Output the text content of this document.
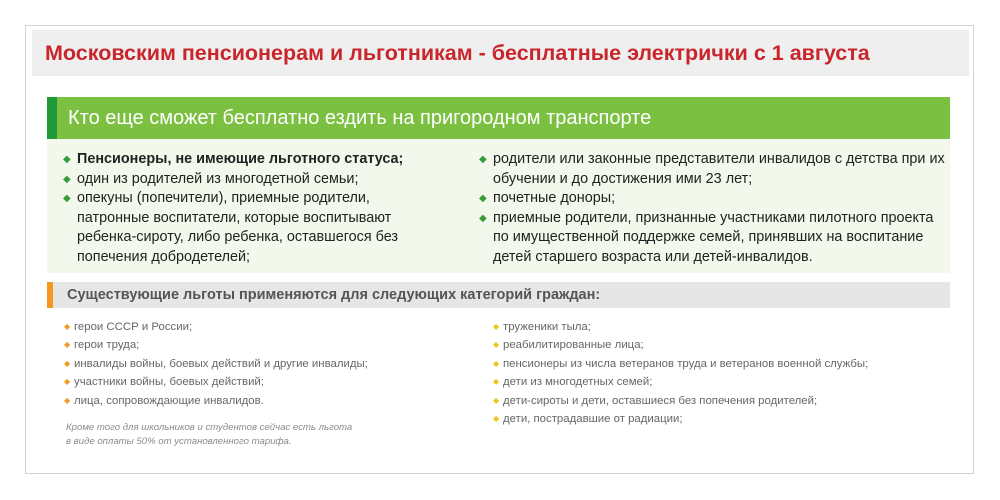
Московским пенсионерам и льготникам - бесплатные электрички с 1 августа
Кто еще сможет бесплатно ездить на пригородном транспорте
◆ Пенсионеры, не имеющие льготного статуса;
◆ один из родителей из многодетной семьи;
◆ опекуны (попечители), приемные родители, патронные воспитатели, которые воспитывают ребенка-сироту, либо ребенка, оставшегося без попечения добродетелей;
◆ родители или законные представители инвалидов с детства при их обучении и до достижения ими 23 лет;
◆ почетные доноры;
◆ приемные родители, признанные участниками пилотного проекта по имущественной поддержке семей, принявших на воспитание детей старшего возраста или детей-инвалидов.
Существующие льготы применяются для следующих категорий граждан:
◆ герои СССР и России;
◆ герои труда;
◆ инвалиды войны, боевых действий и другие инвалиды;
◆ участники войны, боевых действий;
◆ лица, сопровождающие инвалидов.
◆ труженики тыла;
◆ реабилитированные лица;
◆ пенсионеры из числа ветеранов труда и ветеранов военной службы;
◆ дети из многодетных семей;
◆ дети-сироты и дети, оставшиеся без попечения родителей;
◆ дети, пострадавшие от радиации;
Кроме того для школьников и студентов сейчас есть льгота
в виде оплаты 50% от установленного тарифа.
